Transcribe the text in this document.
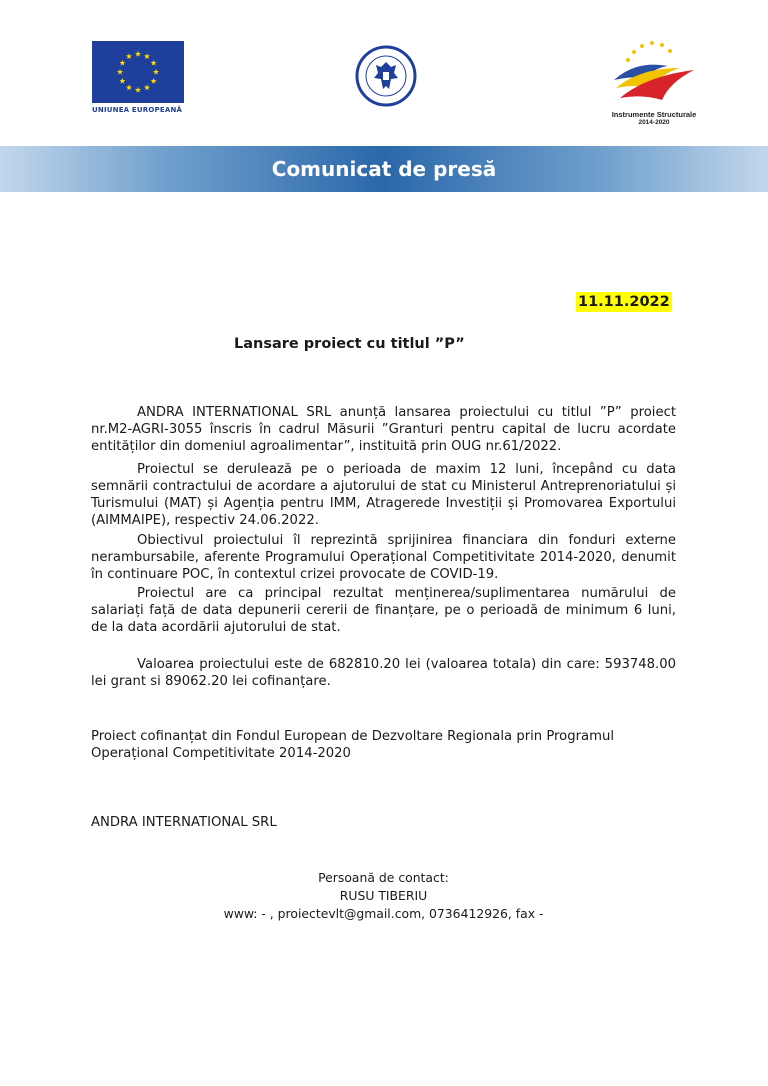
UNIUNEA EUROPEANĂ	Instrumente Structurale
2014-2020
Comunicat de presă
11.11.2022
Lansare proiect cu titlul ”P”
ANDRA INTERNATIONAL SRL anunță lansarea proiectului cu titlul ”P” proiect nr.M2-AGRI-3055 înscris în cadrul Măsurii ”Granturi pentru capital de lucru acordate entităților din domeniul agroalimentar”, instituită prin OUG nr.61/2022.
Proiectul se derulează pe o perioada de maxim 12 luni, începând cu data semnării contractului de acordare a ajutorului de stat cu Ministerul Antreprenoriatului și Turismului (MAT) și Agenția pentru IMM, Atragerede Investiții și Promovarea Exportului (AIMMAIPE), respectiv 24.06.2022.
Obiectivul proiectului îl reprezintă sprijinirea financiara din fonduri externe nerambursabile, aferente Programului Operațional Competitivitate 2014-2020, denumit în continuare POC, în contextul crizei provocate de COVID-19.
Proiectul are ca principal rezultat menținerea/suplimentarea numărului de salariați față de data depunerii cererii de finanțare, pe o perioadă de minimum 6 luni, de la data acordării ajutorului de stat.
Valoarea proiectului este de 682810.20 lei (valoarea totala) din care: 593748.00 lei grant si 89062.20 lei cofinanțare.
Proiect cofinanțat din Fondul European de Dezvoltare Regionala prin Programul Operațional Competitivitate 2014-2020
ANDRA INTERNATIONAL SRL
Persoană de contact:
RUSU TIBERIU
www: - , proiectevlt@gmail.com, 0736412926, fax -
